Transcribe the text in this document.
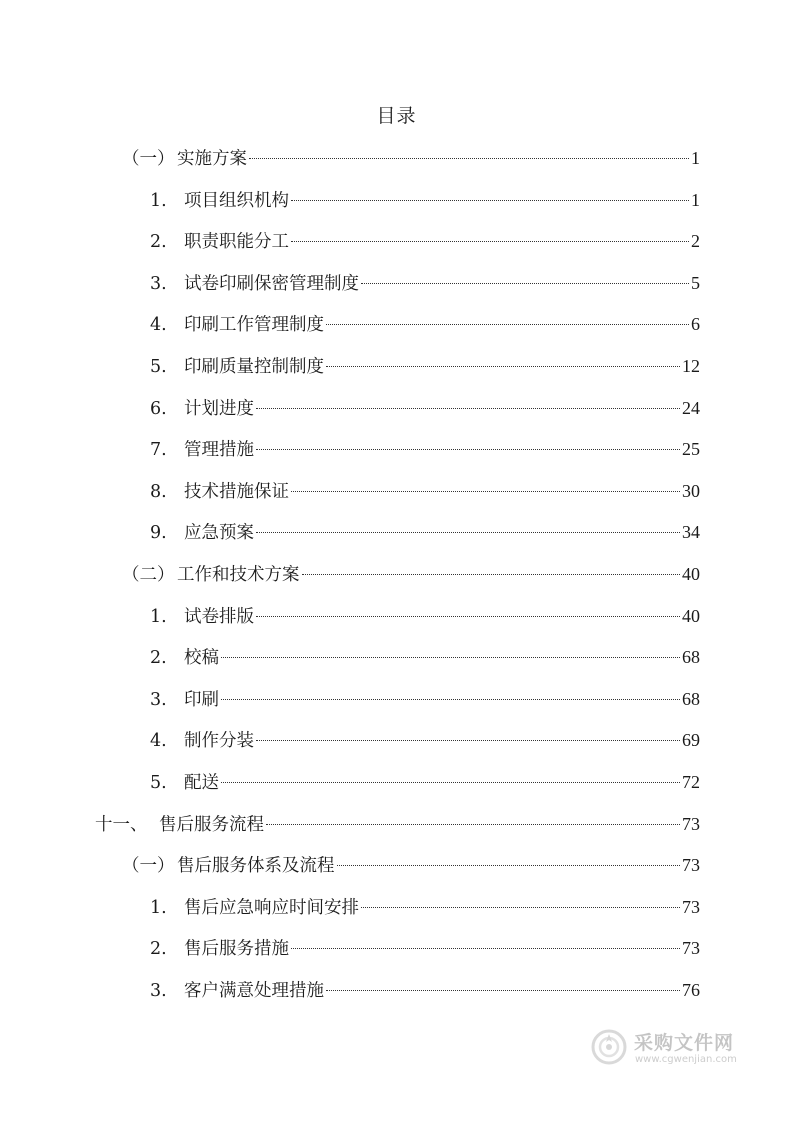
目录
（一） 实施方案	1
1. 项目组织机构	1
2. 职责职能分工	2
3. 试卷印刷保密管理制度	5
4. 印刷工作管理制度	6
5. 印刷质量控制制度	12
6. 计划进度	24
7. 管理措施	25
8. 技术措施保证	30
9. 应急预案	34
（二） 工作和技术方案	40
1. 试卷排版	40
2. 校稿	68
3. 印刷	68
4. 制作分装	69
5. 配送	72
十一、 售后服务流程	73
（一） 售后服务体系及流程	73
1. 售后应急响应时间安排	73
2. 售后服务措施	73
3. 客户满意处理措施	76
采购文件网
www.cgwenjian.com
